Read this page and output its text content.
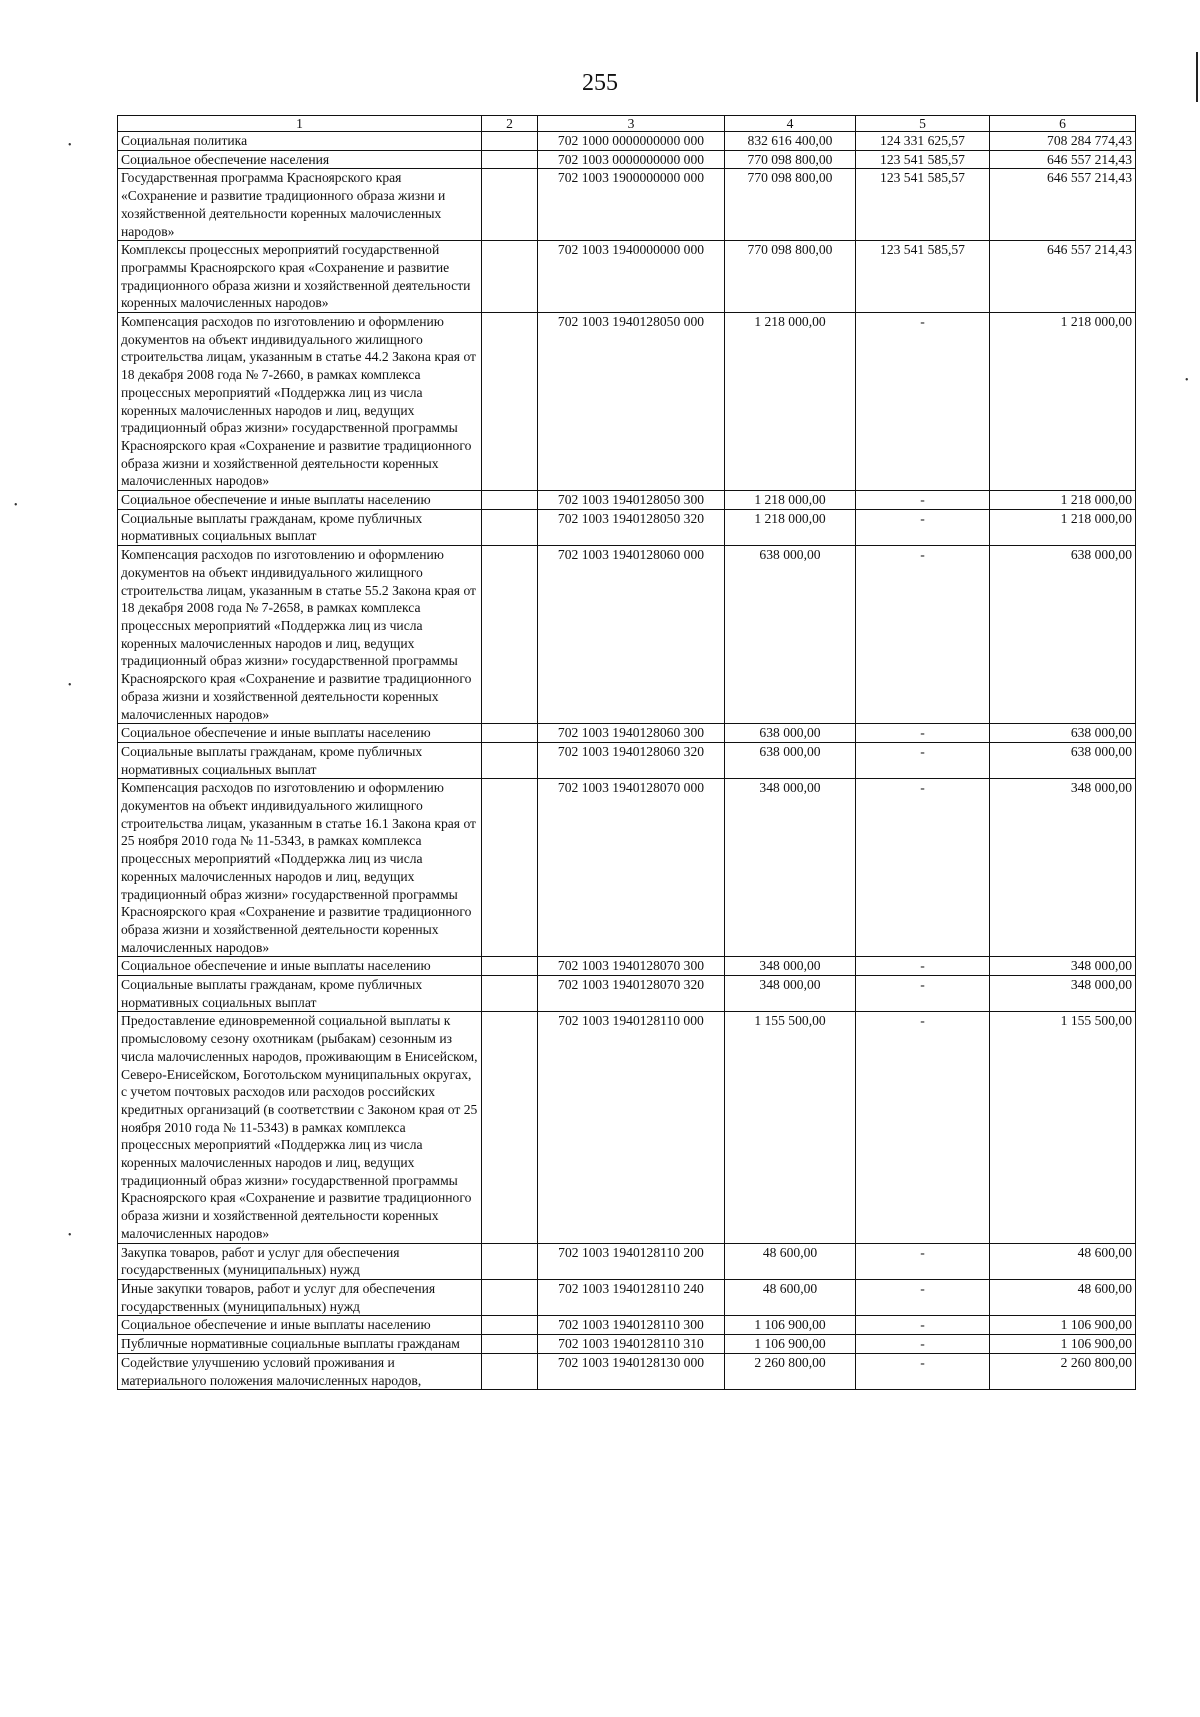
•
•
•
•
•
255
1	2	3	4	5	6
Социальная политика		702 1000 0000000000 000	832 616 400,00	124 331 625,57	708 284 774,43
Социальное обеспечение населения		702 1003 0000000000 000	770 098 800,00	123 541 585,57	646 557 214,43
Государственная программа Красноярского края «Сохранение и развитие традиционного образа жизни и хозяйственной деятельности коренных малочисленных народов»		702 1003 1900000000 000	770 098 800,00	123 541 585,57	646 557 214,43
Комплексы процессных мероприятий государственной программы Красноярского края «Сохранение и развитие традиционного образа жизни и хозяйственной деятельности коренных малочисленных народов»		702 1003 1940000000 000	770 098 800,00	123 541 585,57	646 557 214,43
Компенсация расходов по изготовлению и оформлению документов на объект индивидуального жилищного строительства лицам, указанным в статье 44.2 Закона края от 18 декабря 2008 года № 7-2660, в рамках комплекса процессных мероприятий «Поддержка лиц из числа коренных малочисленных народов и лиц, ведущих традиционный образ жизни» государственной программы Красноярского края «Сохранение и развитие традиционного образа жизни и хозяйственной деятельности коренных малочисленных народов»		702 1003 1940128050 000	1 218 000,00	-	1 218 000,00
Социальное обеспечение и иные выплаты населению		702 1003 1940128050 300	1 218 000,00	-	1 218 000,00
Социальные выплаты гражданам, кроме публичных нормативных социальных выплат		702 1003 1940128050 320	1 218 000,00	-	1 218 000,00
Компенсация расходов по изготовлению и оформлению документов на объект индивидуального жилищного строительства лицам, указанным в статье 55.2 Закона края от 18 декабря 2008 года № 7-2658, в рамках комплекса процессных мероприятий «Поддержка лиц из числа коренных малочисленных народов и лиц, ведущих традиционный образ жизни» государственной программы Красноярского края «Сохранение и развитие традиционного образа жизни и хозяйственной деятельности коренных малочисленных народов»		702 1003 1940128060 000	638 000,00	-	638 000,00
Социальное обеспечение и иные выплаты населению		702 1003 1940128060 300	638 000,00	-	638 000,00
Социальные выплаты гражданам, кроме публичных нормативных социальных выплат		702 1003 1940128060 320	638 000,00	-	638 000,00
Компенсация расходов по изготовлению и оформлению документов на объект индивидуального жилищного строительства лицам, указанным в статье 16.1 Закона края от 25 ноября 2010 года № 11-5343, в рамках комплекса процессных мероприятий «Поддержка лиц из числа коренных малочисленных народов и лиц, ведущих традиционный образ жизни» государственной программы Красноярского края «Сохранение и развитие традиционного образа жизни и хозяйственной деятельности коренных малочисленных народов»		702 1003 1940128070 000	348 000,00	-	348 000,00
Социальное обеспечение и иные выплаты населению		702 1003 1940128070 300	348 000,00	-	348 000,00
Социальные выплаты гражданам, кроме публичных нормативных социальных выплат		702 1003 1940128070 320	348 000,00	-	348 000,00
Предоставление единовременной социальной выплаты к промысловому сезону охотникам (рыбакам) сезонным из числа малочисленных народов, проживающим в Енисейском, Северо-Енисейском, Боготольском муниципальных округах, с учетом почтовых расходов или расходов российских кредитных организаций (в соответствии с Законом края от 25 ноября 2010 года № 11-5343) в рамках комплекса процессных мероприятий «Поддержка лиц из числа коренных малочисленных народов и лиц, ведущих традиционный образ жизни» государственной программы Красноярского края «Сохранение и развитие традиционного образа жизни и хозяйственной деятельности коренных малочисленных народов»		702 1003 1940128110 000	1 155 500,00	-	1 155 500,00
Закупка товаров, работ и услуг для обеспечения государственных (муниципальных) нужд		702 1003 1940128110 200	48 600,00	-	48 600,00
Иные закупки товаров, работ и услуг для обеспечения государственных (муниципальных) нужд		702 1003 1940128110 240	48 600,00	-	48 600,00
Социальное обеспечение и иные выплаты населению		702 1003 1940128110 300	1 106 900,00	-	1 106 900,00
Публичные нормативные социальные выплаты гражданам		702 1003 1940128110 310	1 106 900,00	-	1 106 900,00
Содействие улучшению условий проживания и материального положения малочисленных народов,		702 1003 1940128130 000	2 260 800,00	-	2 260 800,00
